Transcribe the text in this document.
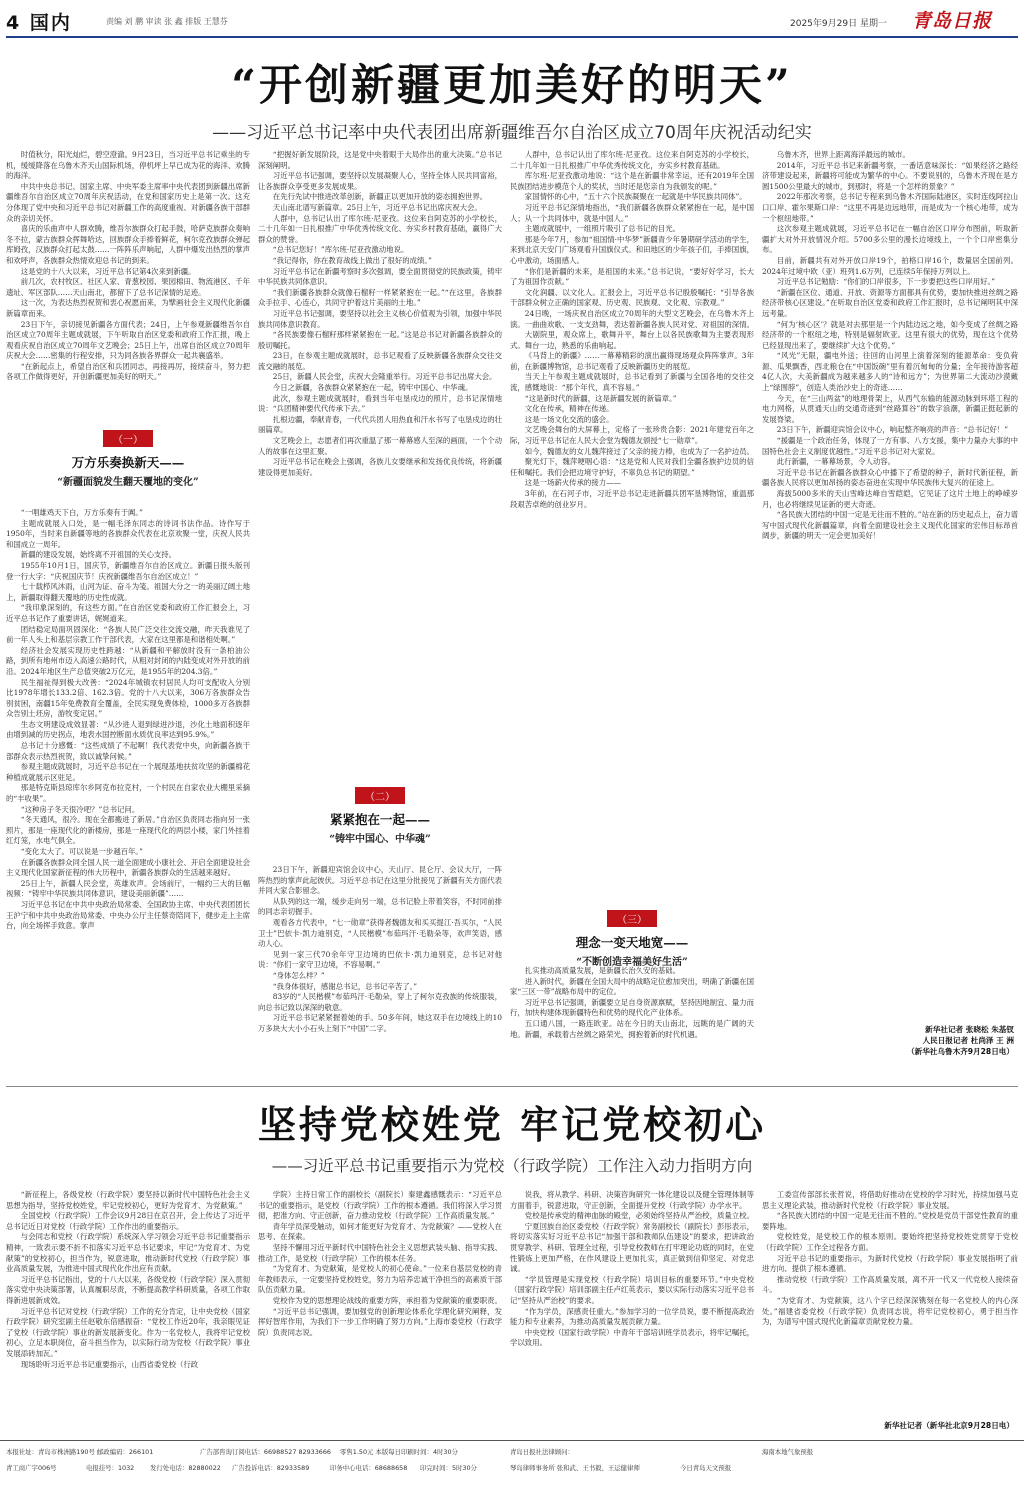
4 国内	责编 刘 鹏 审读 张 鑫 排版 王慧芬	2025年9月29日 星期一 青岛日报
“开创新疆更加美好的明天”
——习近平总书记率中央代表团出席新疆维吾尔自治区成立70周年庆祝活动纪实

时值秋分，阳光灿烂，碧空澄澈。9月23日，当习近平总书记乘坐的专机，缓缓降落在乌鲁木齐天山国际机场，停机坪上早已成为花的海洋、欢腾的海洋。

中共中央总书记、国家主席、中央军委主席率中央代表团到新疆出席新疆维吾尔自治区成立70周年庆祝活动，在党和国家历史上是第一次。这充分体现了党中央和习近平总书记对新疆工作的高度重视、对新疆各族干部群众的亲切关怀。

喜庆的乐曲声中人群欢腾，维吾尔族群众打起手鼓，哈萨克族群众奏响冬不拉，蒙古族群众挥舞哈达，回族群众手捧着鲜花，柯尔克孜族群众弹起库姆孜，汉族群众打起太鼓……一阵阵乐声响起，人群中爆发出热烈的掌声和欢呼声，各族群众热情欢迎总书记的到来。

这是党的十八大以来，习近平总书记第4次来到新疆。

前几次，农村牧区、社区人家、青葱校园、果园棉田、物流港区、千年遗址、军区部队……天山南北，都留下了总书记深情的足迹。

这一次，为表达热烈祝贺和衷心祝愿而来，为擘画社会主义现代化新疆新篇章而来。

23日下午，亲切接见新疆各方面代表；24日，上午参观新疆维吾尔自治区成立70周年主题成就展，下午听取自治区党委和政府工作汇报，晚上观看庆祝自治区成立70周年文艺晚会；25日上午，出席自治区成立70周年庆祝大会……密集的行程安排，只为同各族各界群众一起共襄盛举。

“在新起点上，希望自治区和兵团同志，再接再厉，接续奋斗，努力把各项工作做得更好，开创新疆更加美好的明天。”

（一）
万方乐奏换新天——
“新疆面貌发生翻天覆地的变化”

“一唱雄鸡天下白，万方乐奏有于阗。”

主题成就展入口处，是一幅毛泽东同志的诗词书法作品。诗作写于1950年，当时来自新疆等地的各族群众代表在北京欢聚一堂，庆祝人民共和国成立一周年。

新疆的建设发展，始终离不开祖国的关心支持。

1955年10月1日，国庆节，新疆维吾尔自治区成立。新疆日报头版刊登一行大字：“庆祝国庆节！庆祝新疆维吾尔自治区成立！”

七十载栉风沐雨，山河为证、奋斗为笺。祖国大分之一的美丽辽阔土地上，新疆取得翻天覆地的历史性成就。

“我印象深刻的，有这些方面。”在自治区党委和政府工作汇报会上，习近平总书记作了重要讲话，娓娓道来。

团结稳定局面巩固深化：“各族人民广泛交往交流交融，昨天我谁见了前一年人头上和基层宗教工作干部代表，大家在这里都是和谐相处啊。”

经济社会发展实现历史性跨越：“从新疆和平解放时没有一条柏油公路，到所有地州市迈入高速公路时代，从粗对封闭的内陆变成对外开放的前沿。2024年地区生产总值突破2万亿元，是1955年的204.3倍。”

民生福祉得到极大改善：“2024年城镇农村居民人均可支配收入分别比1978年增长133.2倍、162.3倍。党的十八大以来，306万各族群众告别贫困，南疆15年免费教育全覆盖，全民实现免费体检，1000多万各族群众告别土坯房，游牧变定居。”

生态文明建设成效显著：“从沙进人退到绿进沙退，沙化土地面积逐年由增到减的历史拐点，地表水国控断面水质优良率达到95.9%。”

总书记十分感慨：“这些成绩了不起啊！我代表党中央，向新疆各族干部群众表示热烈祝贺，致以诚挚问候。”

参观主题成就展时，习近平总书记在一个展现基地扶贫攻坚的新疆棉花种植成就展示区驻足。

那是特克斯县琼库尔乡阿克布拉克村，一个村民在自家农业大棚里采摘的“丰收果”。

“这种房子冬天很冷吧？”总书记问。

“冬天通风，很冷。现在全都搬进了新居。”自治区负责同志指向另一张照片，那是一座现代化的新楼房，那是一座现代化的两层小楼，家门外挂着红灯笼，水电气俱全。

“变化太大了。可以说是一步越百年。”

在新疆各族群众同全国人民一道全面建成小康社会、开启全面建设社会主义现代化国家新征程的伟大历程中，新疆各族群众的生活越来越好。

25日上午，新疆人民会堂，英雄欢声。会场前厅，一幅约三大的巨幅视频：“铸牢中华民族共同体意识，建设美丽新疆”……

习近平总书记在中共中央政治局常委、全国政协主席、中央代表团团长王沪宁和中共中央政治局常委、中央办公厅主任蔡奇陪同下，健步走上主席台，向全场挥手致意。掌声

“把握好新发展阶段，这是党中央着眼于大局作出的重大决策。”总书记深刻阐明。

习近平总书记强调，要坚持以发展凝聚人心，坚持全体人民共同富裕，让各族群众享受更多发展成果。

在先行先试中推进改革创新，新疆正以更加开放的姿态拥抱世界。

天山南北谱写新篇章。25日上午，习近平总书记出席庆祝大会。

人群中，总书记认出了库尔班·尼亚孜。这位来自阿克苏的小学校长，二十几年如一日扎根推广中华优秀传统文化、夯实乡村教育基础，赢得广大群众的赞誉。

“总书记您好！”库尔班·尼亚孜激动地说。

“我记得你，你在教育战线上做出了很好的成绩。”

习近平总书记在新疆考察时多次强调，要全面贯彻党的民族政策，铸牢中华民族共同体意识。

“我们新疆各族群众就像石榴籽一样紧紧抱在一起。”“在这里，各族群众手拉手、心连心，共同守护着这片美丽的土地。”

习近平总书记强调，要坚持以社会主义核心价值观为引领，加强中华民族共同体意识教育。

“各民族要像石榴籽那样紧紧抱在一起。”这是总书记对新疆各族群众的殷切嘱托。

23日，在参观主题成就展时，总书记观看了反映新疆各族群众交往交流交融的展览。

25日，新疆人民会堂，庆祝大会隆重举行。习近平总书记出席大会。

今日之新疆，各族群众紧紧抱在一起，铸牢中国心、中华魂。

此次，参观主题成就展时，看到当年屯垦戍边的照片，总书记深情地说：“兵团精神要代代传承下去。”

扎根边疆，奉献青春，一代代兵团人用热血和汗水书写了屯垦戍边的壮丽篇章。

文艺晚会上，志愿者们再次重温了那一幕幕感人至深的画面，一个个动人的故事在这里汇聚。

习近平总书记在晚会上强调，各族儿女要继承和发扬优良传统，将新疆建设得更加美好。

（二）
紧紧抱在一起——
“铸牢中国心、中华魂”

23日下午，新疆迎宾馆会议中心，天山厅、昆仑厅、会议大厅，一阵阵热烈的掌声此起彼伏。习近平总书记在这里分批接见了新疆有关方面代表并同大家合影留念。

从队列的这一端，缓步走向另一端，总书记脸上带着笑容，不时同前排的同志亲切握手。

观看各方代表中，“七一勋章”获得者魏德友和买买提江·吾买尔，“人民卫士”巴依卡·凯力迪别克，“人民楷模”布茹玛汗·毛勒朵等，欢声笑语，感动人心。

见到一家三代70余年守卫边境的巴依卡·凯力迪别克，总书记对他说：“你们一家守卫边境，不容易啊。”

“身体怎么样？”

“我身体很好，感谢总书记，总书记辛苦了。”

83岁的“人民楷模”布茹玛汗·毛勒朵，穿上了柯尔克孜族的传统服装，向总书记致以深深的敬意。

习近平总书记紧紧握着她的手。50多年间，她这双手在边境线上的10万多块大大小小石头上刻下“中国”二字。

人群中，总书记认出了库尔班·尼亚孜。这位来自阿克苏的小学校长，二十几年如一日扎根推广中华优秀传统文化，夯实乡村教育基础。

库尔班·尼亚孜激动地说：“这个是在新疆非常幸运，还有2019年全国民族团结进步模范个人的奖状，当时还是您亲自为我颁发的呢。”

家国情怀的心中，“五十六个民族凝聚在一起就是中华民族共同体”。

习近平总书记深情地指出，“我们新疆各族群众紧紧抱在一起，是中国人；从一个共同体中，就是中国人。”

主题成就展中，一组照片吸引了总书记的目光。

那是今年7月，参加“祖国情·中华梦”新疆青少年暑期研学活动的学生，来到北京天安门广场观看升国旗仪式。和田地区的少年孩子们，手捧国旗，心中激动，场面感人。

“你们是新疆的未来，是祖国的未来。”总书记说，“要好好学习，长大了为祖国作贡献。”

文化润疆、以文化人。汇报会上，习近平总书记殷殷嘱托：“引导各族干部群众树立正确的国家观、历史观、民族观、文化观、宗教观。”

24日晚，一场庆祝自治区成立70周年的大型文艺晚会，在乌鲁木齐上演。一曲曲欢歌、一支支劲舞，表达着新疆各族人民对党、对祖国的深情。

大剧院里，观众席上，歌舞升平，舞台上以各民族歌舞为主要表现形式。舞台一边，熟悉的乐曲响起。

《马背上的新疆》……一幕幕精彩的演出赢得现场观众阵阵掌声。3年前，在新疆博物馆，总书记观看了反映新疆历史的展览。

当天上午参观主题成就展时，总书记看到了新疆与全国各地的交往交流，感慨地说：“那个年代，真不容易。”

“这是新时代的新疆，这是新疆发展的新篇章。”

文化在传承，精神在传递。

这是一场文化交流的盛会。

文艺晚会舞台的大屏幕上，定格了一张珍贵合影：2021年建党百年之际，习近平总书记在人民大会堂为魏德友颁授“七一勋章”。

如今，魏德友的女儿魏萍接过了父亲的接力棒，也成为了一名护边员。

聚光灯下，魏萍哽咽心语：“这是党和人民对我们全疆各族护边员的信任和嘱托。我们会把边境守护好，不辜负总书记的期望。”

这是一场薪火传承的接力——

3年前，在石河子市，习近平总书记走进新疆兵团军垦博物馆，重温那段艰苦卓绝的创业岁月。

（三）
理念一变天地宽——
“不断创造幸福美好生活”

扎实推动高质量发展，是新疆长治久安的基础。

进入新时代，新疆在全国大局中的战略定位愈加突出，明确了新疆在国家“三区一带”战略布局中的定位。

习近平总书记强调，新疆要立足自身资源禀赋，坚持因地制宜、量力而行，加快构建体现新疆特色和优势的现代化产业体系。

五口通八国，一路连欧亚。站在今日的天山南北，远眺的是广阔的天地。新疆，承载着古丝绸之路荣光，拥抱着新的时代机遇。

乌鲁木齐，世界上距离海洋最远的城市。

2014年，习近平总书记来新疆考察，一番话意味深长：“如果经济之路经济带建设起来，新疆将可能成为繁华的中心。不要说别的，乌鲁木齐现在是方圆1500公里最大的城市，到那时，将是一个怎样的景象？”

2022年那次考察，总书记专程来到乌鲁木齐国际陆港区，实时连线阿拉山口口岸、霍尔果斯口岸：“这里不再是边远地带，而是成为一个核心地带，成为一个枢纽地带。”

这次参观主题成就展，习近平总书记在一幅自治区口岸分布图前，听取新疆扩大对外开放情况介绍。5700多公里的漫长边境线上，一个个口岸密集分布。

目前，新疆共有对外开放口岸19个，拍格口岸16个，数量居全国前列。2024年过境中欧（亚）班列1.6万列，已连续5年保持万列以上。

习近平总书记勉励：“你们的口岸很多，下一步要把这些口岸用好。”

“新疆在区位、通道、开放、资源等方面都具有优势，要加快推进丝绸之路经济带核心区建设。”在听取自治区党委和政府工作汇报时，总书记阐明其中深远考量。

“何为‘核心区’？就是对去那里是一个内陆边远之地，如今变成了丝绸之路经济带的一个枢纽之地，特别是辐射欧亚。这里有很大的优势，现在这个优势已经显现出来了，要继续扩大这个优势。”

“风光”无限，疆电外送；往回的山河里上演着深刻的能源革命：变负荷源、瓜果飘香，西北粮仓在“中国饭碗”里有着沉甸甸的分量；全年接待游客超4亿人次，大美新疆成为越来越多人的“诗和远方”；为世界第二大流动沙漠戴上“绿围脖”，创造人类治沙史上的奇迹……

今天，在“三山两盆”的地理骨架上，从西气东输的能源动脉到环塔工程的电力网格，从贯通天山的交通奇迹到“丝路算谷”的数字浪潮，新疆正挺起新的发展脊梁。

23日下午，新疆迎宾馆会议中心，响起整齐响亮的声音：“总书记好！”

“援疆是一个政治任务，体现了一方有事、八方支援，集中力量办大事的中国特色社会主义制度优越性。”习近平总书记对大家说。

此行新疆，一幕幕场景，令人动容。

习近平总书记在新疆各族群众心中播下了希望的种子，新时代新征程，新疆各族人民将以更加昂扬的姿态奋进在实现中华民族伟大复兴的征途上。

海拔5000多米的天山雪峰达峰自雪皑皑，它见证了这片土地上的峥嵘岁月，也必将继续见证新的更大奇迹。

“各民族大团结的中国一定是无往而不胜的。”站在新的历史起点上，奋力谱写中国式现代化新疆篇章，向着全面建设社会主义现代化国家的宏伟目标昂首阔步，新疆的明天一定会更加美好！

新华社记者 张晓松 朱基钗
人民日报记者 杜尚泽 王 洲
（新华社乌鲁木齐9月28日电）
坚持党校姓党 牢记党校初心
——习近平总书记重要指示为党校（行政学院）工作注入动力指明方向

“新征程上，各级党校（行政学院）要坚持以新时代中国特色社会主义思想为指导，坚持党校姓党，牢记党校初心，更好为党育才、为党献策。”

全国党校（行政学院）工作会议9月28日在京召开，会上传达了习近平总书记近日对党校（行政学院）工作作出的重要指示。

与会同志和党校（行政学院）系统深入学习领会习近平总书记重要指示精神，一致表示要不折不扣落实习近平总书记要求，牢记“为党育才、为党献策”的党校初心，担当作为，锐意进取，推动新时代党校（行政学院）事业高质量发展，为推进中国式现代化作出应有贡献。

习近平总书记指出，党的十八大以来，各级党校（行政学院）深入贯彻落实党中央决策部署，认真履职尽责，不断提高教学科研质量，各项工作取得新进展新成效。

习近平总书记对党校（行政学院）工作的充分肯定，让中央党校（国家行政学院）研究室副主任赵敬东倍感振奋：“党校工作近20年，我亲眼见证了党校（行政学院）事业的新发展新变化。作为一名党校人，我将牢记党校初心，立足本职岗位，奋斗担当作为，以实际行动为党校（行政学院）事业发展添砖加瓦。”

现场聆听习近平总书记重要指示，山西省委党校（行政

学院）主持日常工作的副校长（副院长）秦建鑫感慨表示：“习近平总书记的重要指示，是党校（行政学院）工作的根本遵循。我们将深入学习贯彻，把准方向、守正创新，奋力推动党校（行政学院）工作高质量发展。”

青年学员深受触动，如何才能更好为党育才、为党献策？——党校人在思考、在探索。

坚持不懈用习近平新时代中国特色社会主义思想武装头脑、指导实践、推动工作，是党校（行政学院）工作的根本任务。

“为党育才、为党献策，是党校人的初心使命。”一位来自基层党校的青年教师表示，一定要坚持党校姓党，努力为培养忠诚干净担当的高素质干部队伍贡献力量。

党校作为党的思想理论战线的重要方阵，承担着为党献策的重要职责。

“习近平总书记强调，要加强党的创新理论体系化学理化研究阐释，发挥好智库作用，为我们下一步工作明确了努力方向。”上海市委党校（行政学院）负责同志说。

说我，将从教学、科研、决策咨询研究一体化建设以及健全管理体制等方面着手，锐意进取，守正创新，全面提升党校（行政学院）办学水平。

党校是传承党的精神血脉的殿堂，必须始终坚持从严治校，质量立校。

宁夏回族自治区委党校（行政学院）常务副校长（副院长）彭彤表示，将切实落实好习近平总书记“加强干部和教师队伍建设”的要求，把讲政治贯穿教学、科研、管理全过程，引导党校教师在打牢理论功底的同时，在党性锻炼上更加严格，在作风建设上更加扎实，真正做到信仰坚定、对党忠诚。

“学员管理是实现党校（行政学院）培训目标的重要环节。”中央党校（国家行政学院）培训部副主任卢红英表示，要以实际行动落实习近平总书记“坚持从严治校”的要求。

“作为学员，深感责任重大。”参加学习的一位学员说，要不断提高政治能力和专业素养，为推动高质量发展贡献力量。

中央党校（国家行政学院）中青年干部培训班学员表示，将牢记嘱托，学以致用。

工委宣传部部长张哲说，将借助好推动在党校的学习时光，持续加强马克思主义理论武装，推动新时代党校（行政学院）事业发展。

“各民族大团结的中国一定是无往而不胜的。”党校是党员干部党性教育的重要阵地。

党校姓党，是党校工作的根本原则。要始终把坚持党校姓党贯穿于党校（行政学院）工作全过程各方面。

习近平总书记的重要指示，为新时代党校（行政学院）事业发展指明了前进方向、提供了根本遵循。

推动党校（行政学院）工作高质量发展，离不开一代又一代党校人接续奋斗。

“为党育才、为党献策，这八个字已经深深镌刻在每一名党校人的内心深处。”福建省委党校（行政学院）负责同志说，将牢记党校初心，勇于担当作为，为谱写中国式现代化新篇章贡献党校力量。

新华社记者（新华社北京9月28日电）
本报社址：青岛市株洲路190号 邮政编码：266101	广告部咨询订阅电话：66988527 82933666 零售1.50元 本版每日印刷时间：4时30分	青岛日报社法律顾问：	海南本地气象预报
青工商广字006号	电报挂号：1032 发行处电话：82880022 广告投诉电话：82933589	印务中心电话：68688658 印完时间：5时30分	琴岛律师事务所 张和武、王书毅、王运健律师	今日青岛天文预报
